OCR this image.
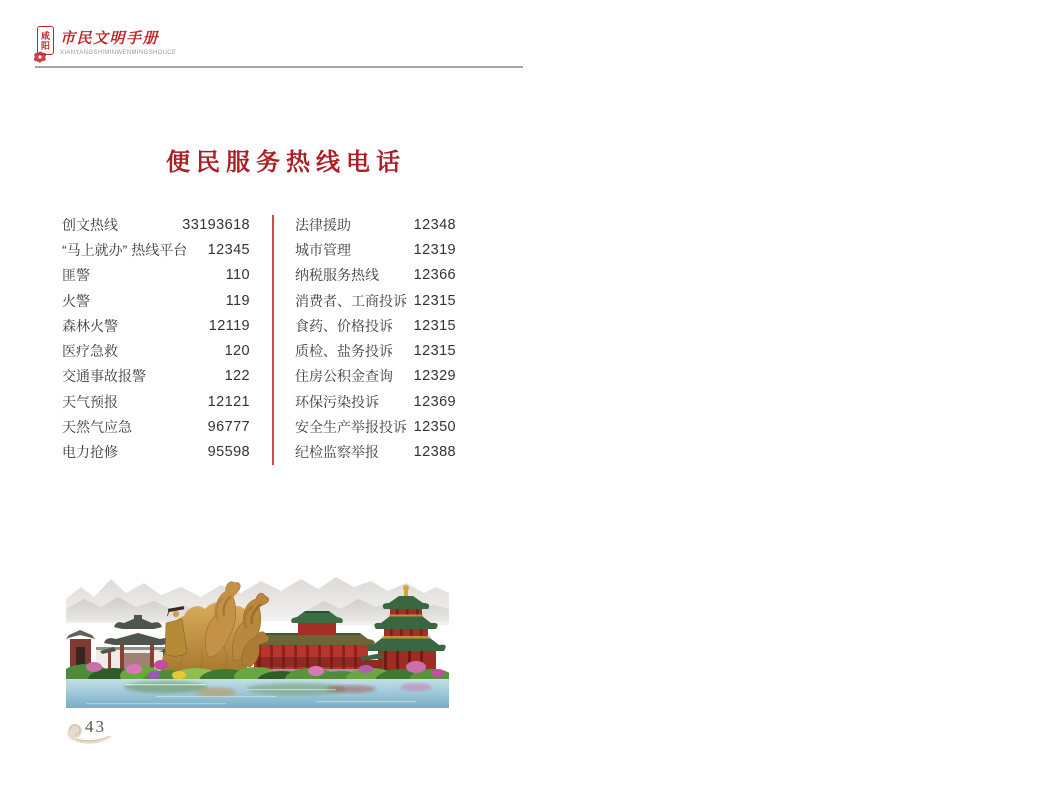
咸
阳 市民文明手册
XIANYANGSHIMINWENMINGSHOUCE
便民服务热线电话
创文热线	33193618
“马上就办” 热线平台 12345
匪警	110
火警	119
森林火警	12119
医疗急救	120
交通事故报警	122
天气预报	12121
天然气应急	96777
电力抢修	95598
法律援助	12348
城市管理	12319
纳税服务热线 12366
消费者、工商投诉 12315
食药、价格投诉 12315
质检、盐务投诉 12315
住房公积金查询 12329
环保污染投诉 12369
安全生产举报投诉 12350
纪检监察举报 12388
43
